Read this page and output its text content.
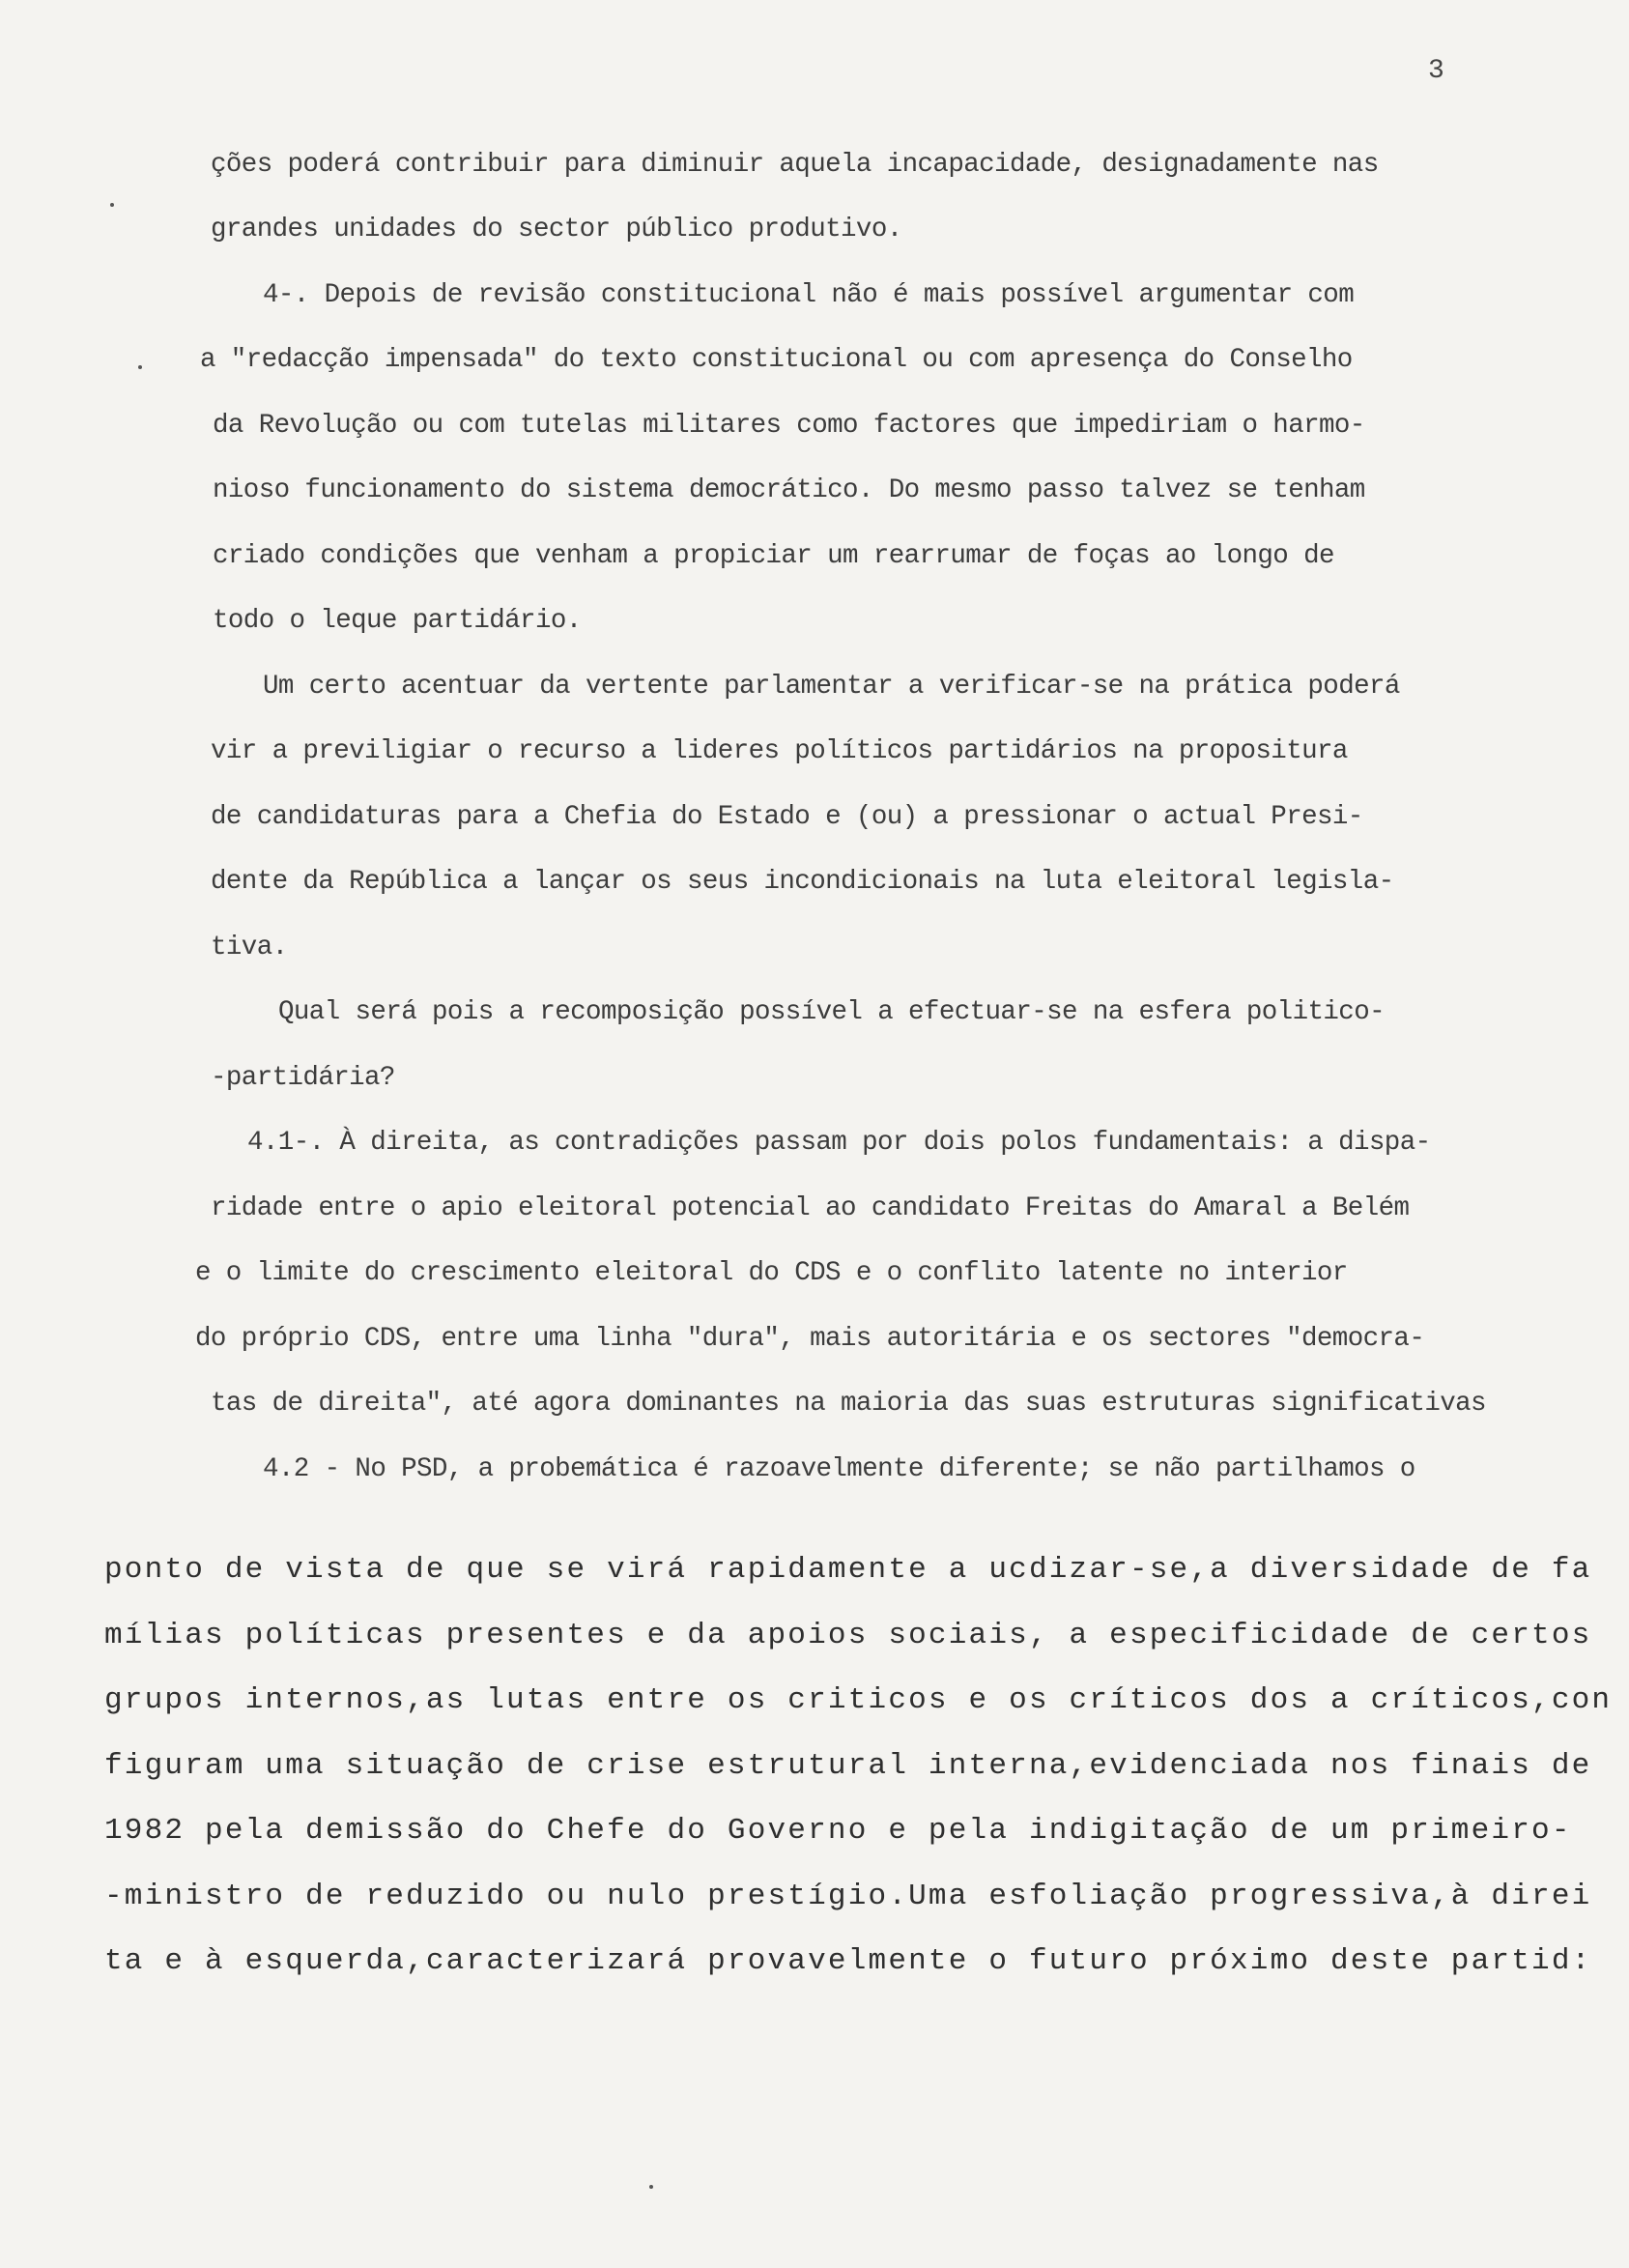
3
ções poderá contribuir para diminuir aquela incapacidade, designadamente nas
grandes unidades do sector público produtivo.
4-. Depois de revisão constitucional não é mais possível argumentar com
a "redacção impensada" do texto constitucional ou com apresença do Conselho
da Revolução ou com tutelas militares como factores que impediriam o harmo-
nioso funcionamento do sistema democrático. Do mesmo passo talvez se tenham
criado condições que venham a propiciar um rearrumar de foças ao longo de
todo o leque partidário.
Um certo acentuar da vertente parlamentar a verificar-se na prática poderá
vir a previligiar o recurso a lideres políticos partidários na propositura
de candidaturas para a Chefia do Estado e (ou) a pressionar o actual Presi-
dente da República a lançar os seus incondicionais na luta eleitoral legisla-
tiva.
Qual será pois a recomposição possível a efectuar-se na esfera politico-
-partidária?
4.1-. À direita, as contradições passam por dois polos fundamentais: a dispa-
ridade entre o apio eleitoral potencial ao candidato Freitas do Amaral a Belém
e o limite do crescimento eleitoral do CDS e o conflito latente no interior
do próprio CDS, entre uma linha "dura", mais autoritária e os sectores "democra-
tas de direita", até agora dominantes na maioria das suas estruturas significativas
4.2 - No PSD, a probemática é razoavelmente diferente; se não partilhamos o
ponto de vista de que se virá rapidamente a ucdizar-se,a diversidade de fa
mílias políticas presentes e da apoios sociais, a especificidade de certos
grupos internos,as lutas entre os criticos e os críticos dos a críticos,con
figuram uma situação de crise estrutural interna,evidenciada nos finais de
1982 pela demissão do Chefe do Governo e pela indigitação de um primeiro-
-ministro de reduzido ou nulo prestígio.Uma esfoliação progressiva,à direi
ta e à esquerda,caracterizará provavelmente o futuro próximo deste partid:
